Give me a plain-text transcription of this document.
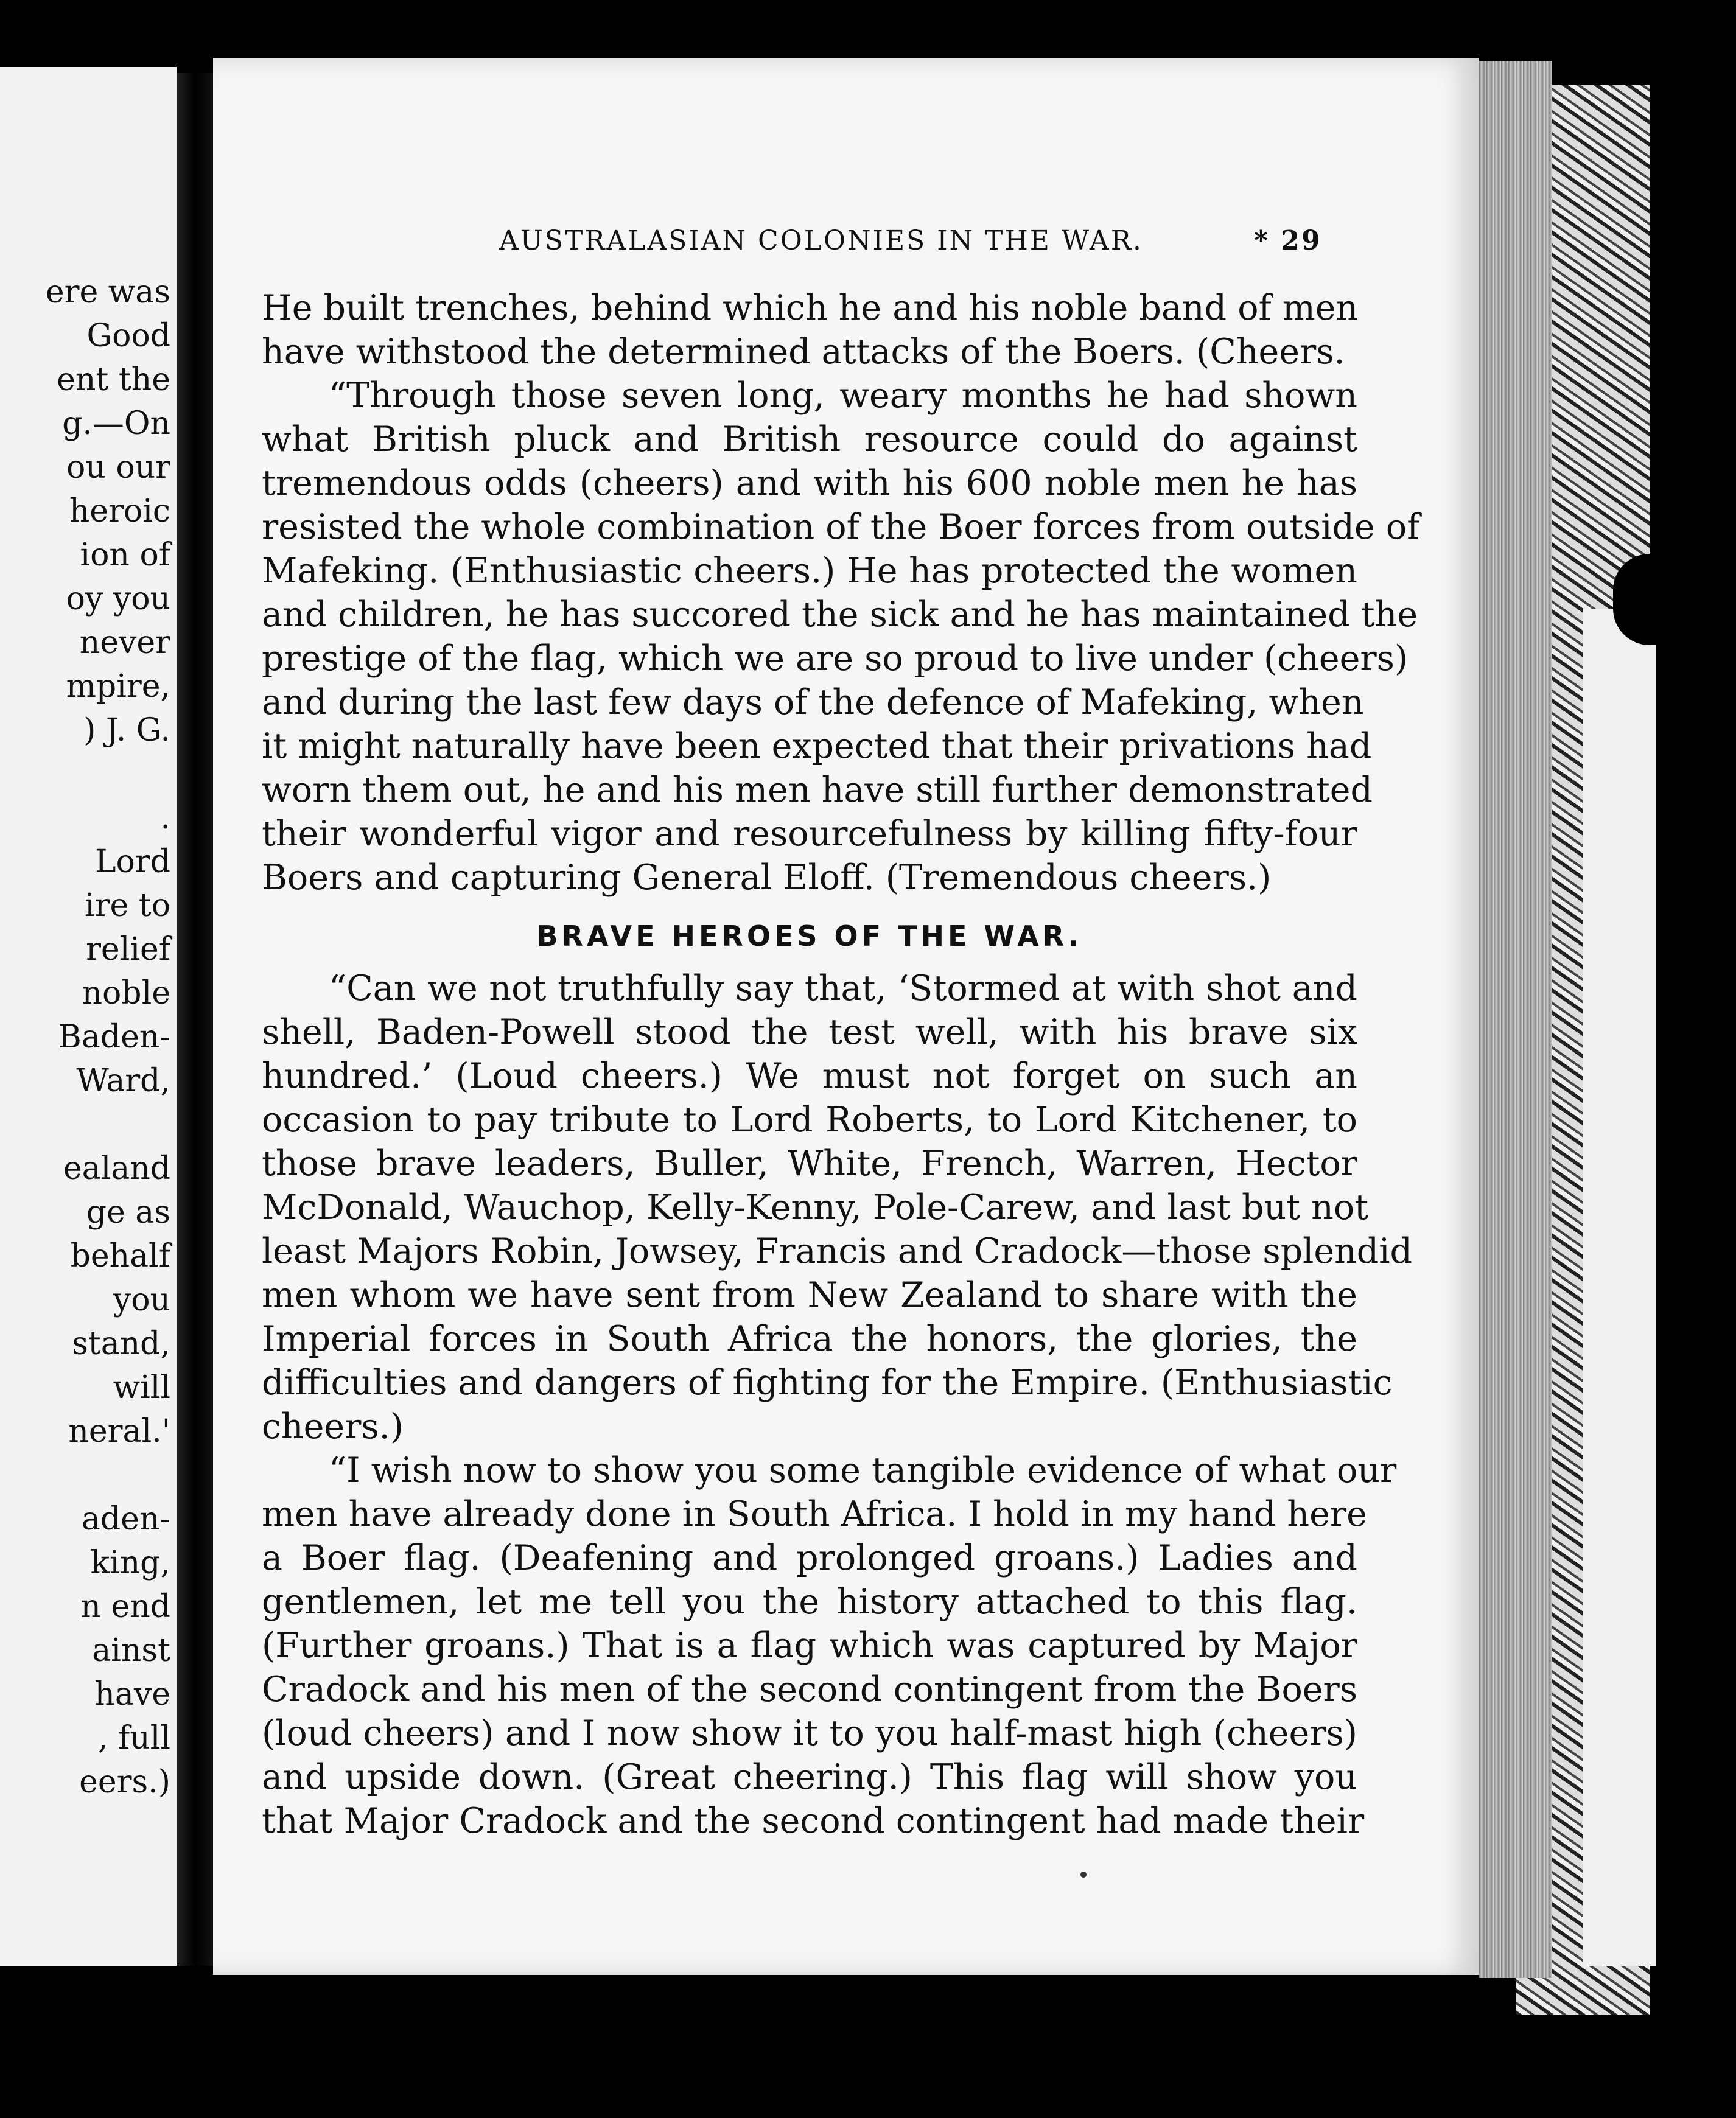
ere was
Good
ent the
g.—On
ou our
heroic
ion of
oy you
never
mpire,
) J. G.
.
Lord
ire to
relief
noble
Baden-
Ward,
ealand
ge as
behalf
you
stand,
will
neral.'
aden-
king,
n end
ainst
have
, full
eers.)
AUSTRALASIAN COLONIES IN THE WAR.	* 29
He built trenches, behind which he and his noble band of men
have withstood the determined attacks of the Boers. (Cheers.
“Through those seven long, weary months he had shown
what British pluck and British resource could do against
tremendous odds (cheers) and with his 600 noble men he has
resisted the whole combination of the Boer forces from outside of
Mafeking. (Enthusiastic cheers.) He has protected the women
and children, he has succored the sick and he has maintained the
prestige of the flag, which we are so proud to live under (cheers)
and during the last few days of the defence of Mafeking, when
it might naturally have been expected that their privations had
worn them out, he and his men have still further demonstrated
their wonderful vigor and resourcefulness by killing fifty-four
Boers and capturing General Eloff. (Tremendous cheers.)
BRAVE HEROES OF THE WAR.
“Can we not truthfully say that, ‘Stormed at with shot and
shell, Baden-Powell stood the test well, with his brave six
hundred.’ (Loud cheers.) We must not forget on such an
occasion to pay tribute to Lord Roberts, to Lord Kitchener, to
those brave leaders, Buller, White, French, Warren, Hector
McDonald, Wauchop, Kelly-Kenny, Pole-Carew, and last but not
least Majors Robin, Jowsey, Francis and Cradock—those splendid
men whom we have sent from New Zealand to share with the
Imperial forces in South Africa the honors, the glories, the
difficulties and dangers of fighting for the Empire. (Enthusiastic
cheers.)
“I wish now to show you some tangible evidence of what our
men have already done in South Africa. I hold in my hand here
a Boer flag. (Deafening and prolonged groans.) Ladies and
gentlemen, let me tell you the history attached to this flag.
(Further groans.) That is a flag which was captured by Major
Cradock and his men of the second contingent from the Boers
(loud cheers) and I now show it to you half-mast high (cheers)
and upside down. (Great cheering.) This flag will show you
that Major Cradock and the second contingent had made their
